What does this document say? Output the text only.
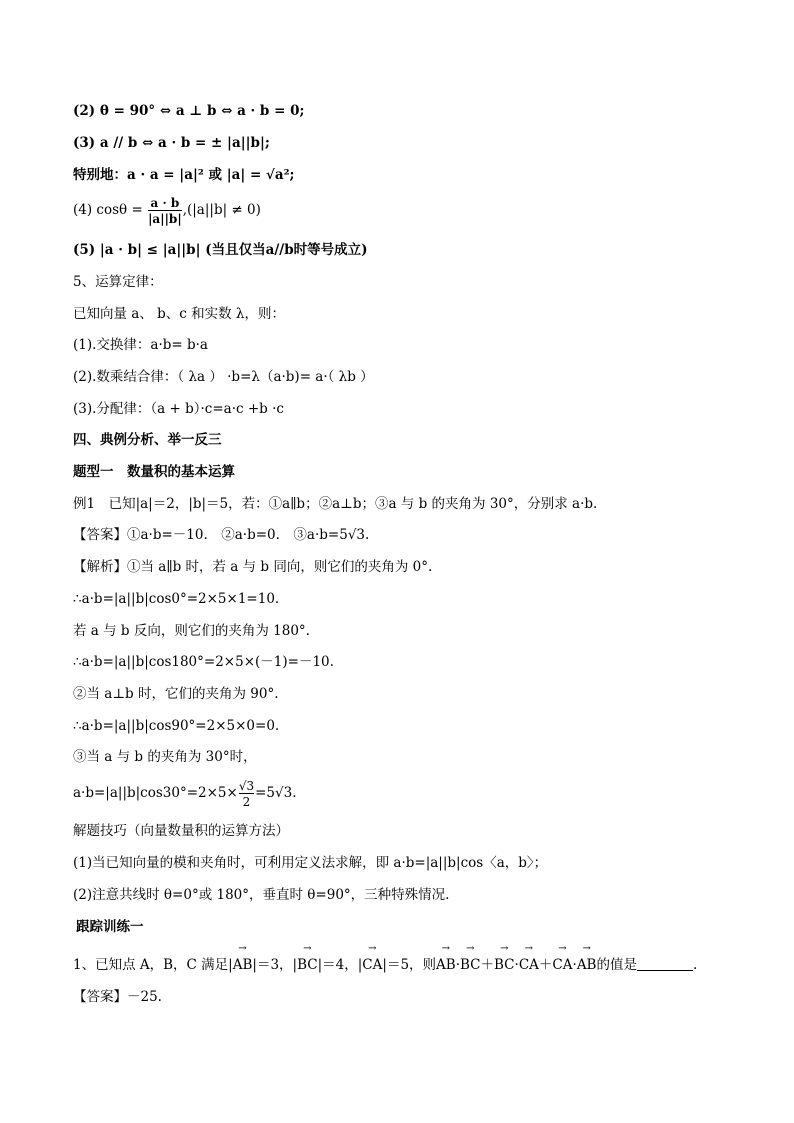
(2) θ = 90° ⇔ a ⊥ b ⇔ a · b = 0;
(3) a // b ⇔ a · b = ± |a||b|;
特别地：a · a = |a|² 或 |a| = √a²;
(4) $\cos\theta = \frac{a \cdot b}{|a||b|} ,(|a||b| \ne 0)$
(5) |a · b| ≤ |a||b| (当且仅当a//b时等号成立)
5、运算定律：
已知向量 a、 b、c 和实数 λ，则：
(1).交换律：a·b= b·a
(2).数乘结合律：（ λa ） ·b=λ（a·b)= a·（ λb ）
(3).分配律：（a + b）·c=a·c +b ·c
四、典例分析、举一反三
题型一　数量积的基本运算
例1　已知|a|＝2，|b|＝5，若：①a∥b；②a⊥b；③a 与 b 的夹角为 30°，分别求 a·b.
【答案】①a·b=－10.　②a·b=0.　③a·b=5√3.
【解析】①当 a∥b 时，若 a 与 b 同向，则它们的夹角为 0°.
∴a·b=|a||b|cos0°=2×5×1=10.
若 a 与 b 反向，则它们的夹角为 180°.
∴a·b=|a||b|cos180°=2×5×(－1)=－10.
②当 a⊥b 时，它们的夹角为 90°.
∴a·b=|a||b|cos90°=2×5×0=0.
③当 a 与 b 的夹角为 30°时，
$a\cdot b=|a||b|\cos 30^\circ=2\times 5\times \frac{√3}{2} =5√3$.
解题技巧（向量数量积的运算方法）
(1)当已知向量的模和夹角时，可利用定义法求解，即 a·b=|a||b|cos〈a，b〉；
(2)注意共线时 θ=0°或 180°，垂直时 θ=90°，三种特殊情况.
跟踪训练一
1、已知点 A，B，C 满足|
→
AB|＝3，|
→
BC|＝4，|
→
CA|＝5，则
→
AB·
→
BC＋
→
BC·
→
CA＋
→
CA·
→
AB的值是	.
【答案】－25.
